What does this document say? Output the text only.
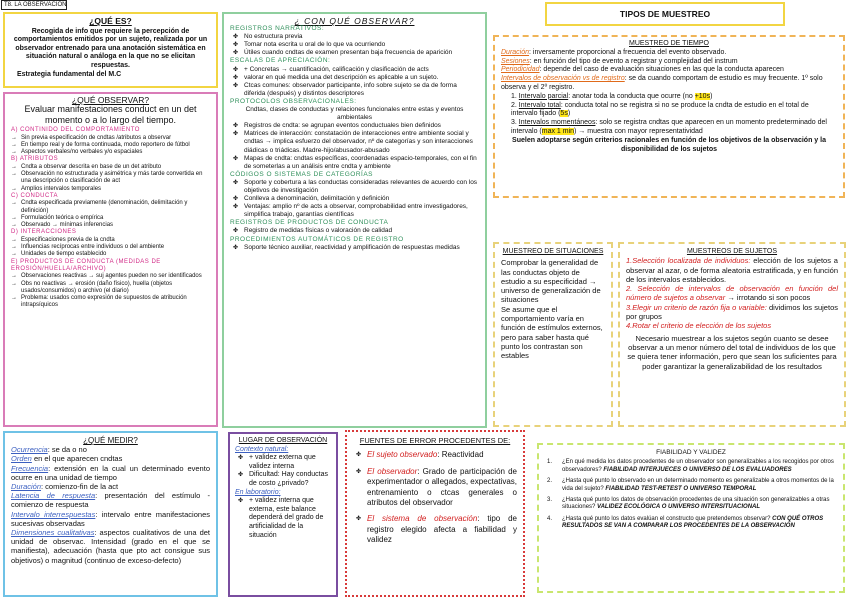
T8. LA OBSERVACIÓN
¿QUÉ ES?

Recogida de info que requiere la percepción de comportamientos emitidos por un sujeto, realizada por un observador entrenado para una anotación sistemática en situación natural o análoga en la que no se elicitan respuestas.

Estrategia fundamental del M.C

¿QUÉ OBSERVAR?

Evaluar manifestaciones conduct en un det momento o a lo largo del tiempo.

A) CONTINIDO DEL COMPORTAMIENTO
→ Sin previa especificación de cndtas /atributos a observar
→ En tiempo real y de forma continuada, modo reportero de fútbol
→ Aspectos verbales/no verbales y/o espaciales
B) ATRIBUTOS
→ Cndta a observar descrita en base de un det atributo
→ Observación no estructurada y asimétrica y más tarde convertida en una descripción o clasificación de act
→ Amplios intervalos temporales
C) CONDUCTA
→ Cndta especificada previamente (denominación, delimitación y definición)
→ Formulación teórica o empírica
→ Observado → mínimas inferencias
D) INTERACCIONES
→ Especificaciones previa de la cndta
→ Influencias recíprocas entre individuos o del ambiente
→ Unidades de tiempo establecido
E) PRODUCTOS DE CONDUCTA (MEDIDAS DE EROSIÓN/HUELLA/ARCHIVO)
→ Observaciones reactivas → suj agentes pueden no ser identificados
→ Obs no reactivas → erosión (daño físico), huella (objetos usados/consumidos) o archivo (el diario)
→ Problema: usados como expresión de supuestos de atribución intrapsíquicos
¿QUÉ MEDIR?

Ocurrencia: se da o no

Orden en el que aparecen cndtas

Frecuencia: extensión en la cual un determinado evento ocurre en una unidad de tiempo

Duración: comienzo-fin de la act

Latencia de respuesta: presentación del estímulo - comienzo de respuesta

Intervalo interrespuestas: intervalo entre manifestaciones sucesivas observadas

Dimensiones cualitativas: aspectos cualitativos de una det unidad de observac. Intensidad (grado en el que se manifiesta), adecuación (hasta que pto act consigue sus objetivos) o magnitud (continuo de exceso-defecto)

¿ CON QUÉ OBSERVAR?
REGISTROS NARRATIVOS:
✤ No estructura previa
✤ Tomar nota escrita u oral de lo que va ocurriendo
✤ Útiles cuando cndtas de examen presentan baja frecuencia de aparición
ESCALAS DE APRECIACIÓN:
✤ + Concretas → cuantificación, calificación y clasificación de acts
✤ valorar en qué medida una det descripción es aplicable a un sujeto.
✤ Ctcas comunes: observador participante, info sobre sujeto se da de forma diferida (después) y distintos descriptores
PROTOCOLOS OBSERVACIONALES:

Cndtas, clases de conductas y relaciones funcionales entre estas y eventos ambientales

✤ Registros de cndta: se agrupan eventos conductuales bien definidos
✤ Matrices de interacción: constatación de interacciones entre ambiente social y cndtas → implica esfuerzo del observador, nº de categorías y son interacciones diádicas o triádicas. Madre-hijo/abusador-abusado
✤ Mapas de cndta: cndtas específicas, coordenadas espacio-temporales, con el fin de someterlas a un análisis entre cndta y ambiente
CÓDIGOS O SISTEMAS DE CATEGORÍAS
✤ Soporte y cobertura a las conductas consideradas relevantes de acuerdo con los objetivos de investigación
✤ Conlleva a denominación, delimitación y definición
✤ Ventajas: amplio nº de acts a observar, comprobabilidad entre investigadores, simplifica trabajo, garantías científicas
REGISTROS DE PRODUCTOS DE CONDUCTA
✤ Registro de medidas físicas o valoración de calidad
PROCEDIMIENTOS AUTOMÁTICOS DE REGISTRO
✤ Soporte técnico auxiliar, reactividad y amplificación de respuestas medidas
LUGAR DE OBSERVACIÓN
Contexto natural:
✤ + validez externa que validez interna
✤ Dificultad: Hay conductas de costo ¿privado?
En laboratorio:
✤ + validez interna que externa, este balance dependerá del grado de artificialidad de la situación
FUENTES DE ERROR PROCEDENTES DE:

✤ El sujeto observado: Reactividad

✤ El observador: Grado de participación de experimentador o allegados, expectativas, entrenamiento o ctcas generales o atributos del observador

✤ El sistema de observación: tipo de registro elegido afecta a fiabilidad y validez

TIPOS DE MUESTREO
MUESTREO DE TIEMPO

Duración: inversamente proporcional a frecuencia del evento observado.

Sesiones: en función del tipo de evento a registrar y complejidad del instrum

Periodicidad: depende del caso de evaluación situaciones en las que la conducta aparecen

Intervalos de observación vs de registro: se da cuando comportam de estudio es muy frecuente. 1º solo observa y el 2º registro.

1. Intervalo parcial: anotar toda la conducta que ocurre (no +10s)

2. Intervalo total: conducta total no se registra si no se produce la cndta de estudio en el total de intervalo fijado (5s)

3. Intervalos momentáneos: solo se registra cndtas que aparecen en un momento predeterminado del intervalo (max 1 min) → muestra con mayor representatividad

Suelen adoptarse según criterios racionales en función de los objetivos de la observación y la disponibilidad de los sujetos

MUESTREO DE SITUACIONES

Comprobar la generalidad de las conductas objeto de estudio a su especificidad → universo de generalización de situaciones

Se asume que el comportamiento varía en función de estímulos externos, pero para saber hasta qué punto los contrastan son estables

MUESTREOS DE SUJETOS

1.Selección localizada de individuos: elección de los sujetos a observar al azar, o de forma aleatoria estratificada, y en función de los intervalos establecidos.

2. Selección de intervalos de observación en función del número de sujetos a observar → irrotando si son pocos

3.Elegir un criterio de razón fija o variable: dividimos los sujetos por grupos

4.Rotar el criterio de elección de los sujetos

Necesario muestrear a los sujetos según cuanto se desee observar a un menor número del total de individuos de los que se quiera tener información, pero que sean los suficientes para poder garantizar la generalizabilidad de los resultados

FIABILIDAD Y VALIDEZ
1.	¿En qué medida los datos procedentes de un observador son generalizables a los recogidos por otros observadores? FIABILIDAD INTERJUECES O UNIVERSO DE LOS EVALUADORES
2.	¿Hasta qué punto lo observado en un determinado momento es generalizable a otros momentos de la vida del sujeto? FIABILIDAD TEST-RETEST O UNIVERSO TEMPORAL
3.	¿Hasta qué punto los datos de observación procedentes de una situación son generalizables a otras situaciones? VALIDEZ ECOLÓGICA O UNIVERSO INTERSITUACIONAL
4.	¿Hasta qué punto los datos evalúan el constructo que pretendemos observar? CON QUÉ OTROS RESULTADOS SE VAN A COMPARAR LOS PROCEDENTES DE LA OBSERVACIÓN
